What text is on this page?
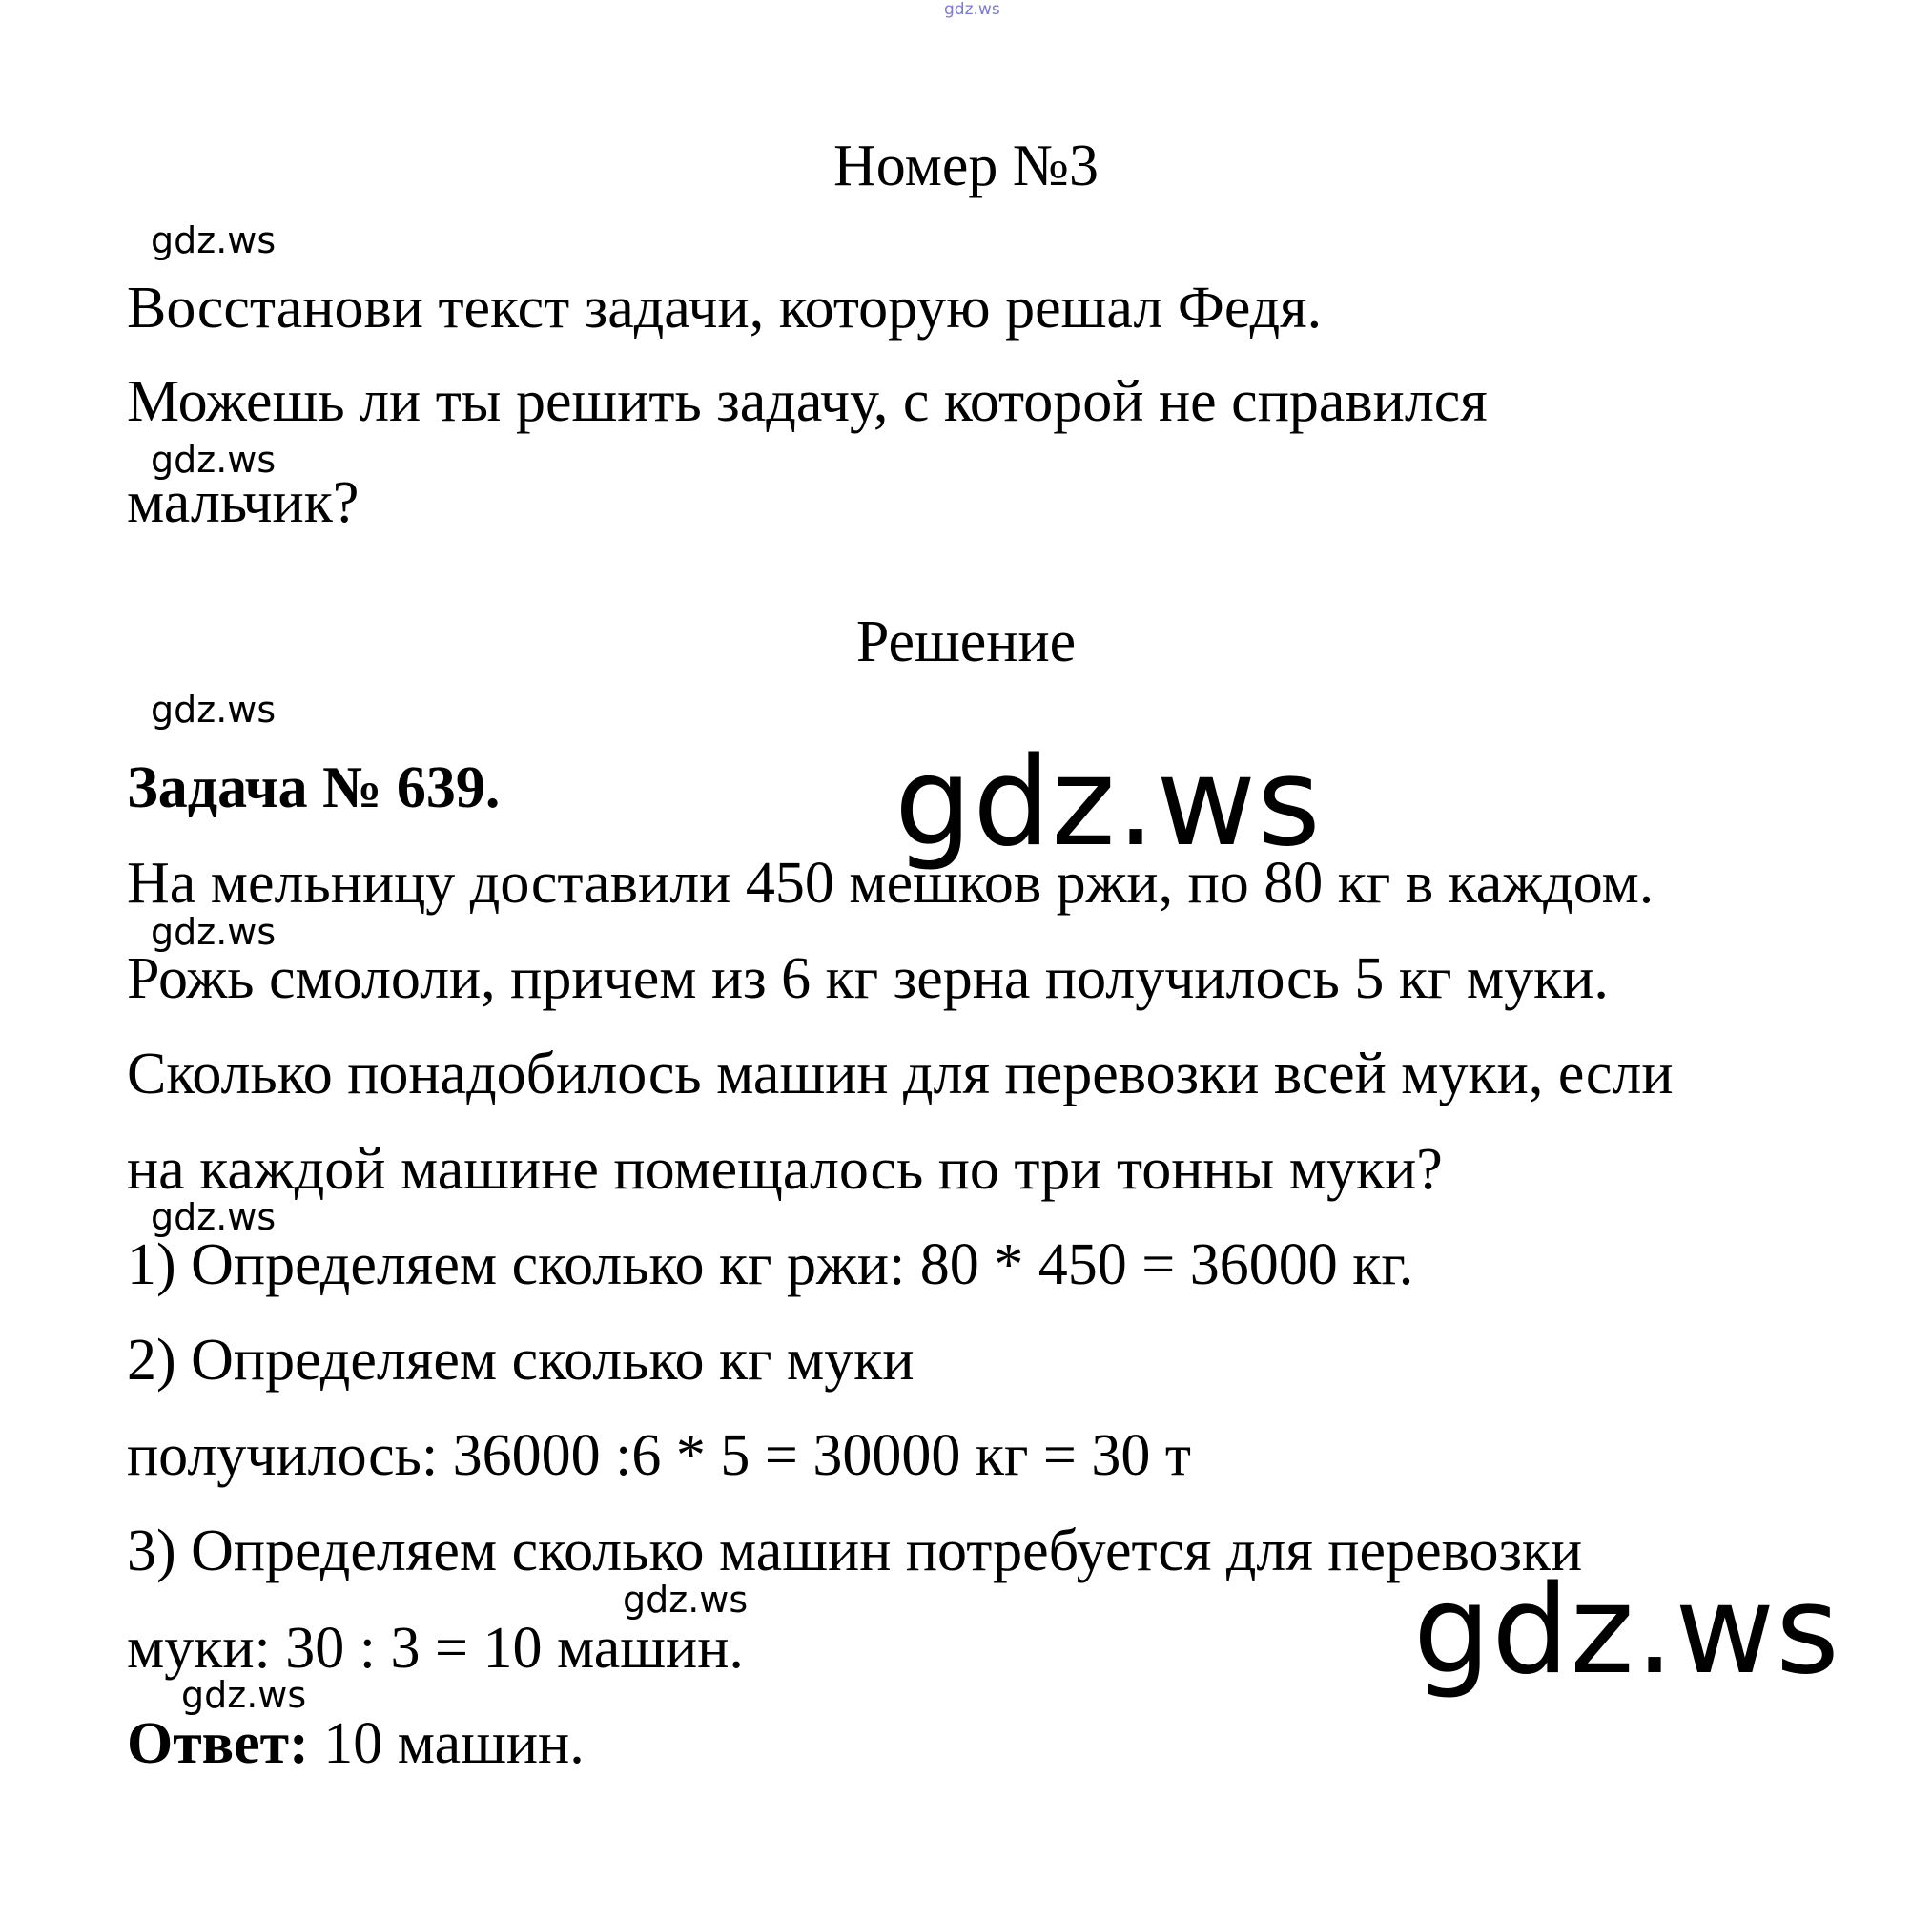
gdz.ws
Номер №3
gdz.ws
Восстанови текст задачи, которую решал Федя.
Можешь ли ты решить задачу, с которой не справился
gdz.ws
мальчик?
Решение
gdz.ws
Задача № 639.	gdz.ws
На мельницу доставили 450 мешков ржи, по 80 кг в каждом.
gdz.ws
Рожь смололи, причем из 6 кг зерна получилось 5 кг муки.
Сколько понадобилось машин для перевозки всей муки, если
на каждой машине помещалось по три тонны муки?
gdz.ws
1) Определяем сколько кг ржи: 80 * 450 = 36000 кг.
2) Определяем сколько кг муки
получилось: 36000 :6 * 5 = 30000 кг = 30 т
3) Определяем сколько машин потребуется для перевозки
gdz.ws
муки: 30 : 3 = 10 машин.	gdz.ws
gdz.ws
Ответ: 10 машин.
